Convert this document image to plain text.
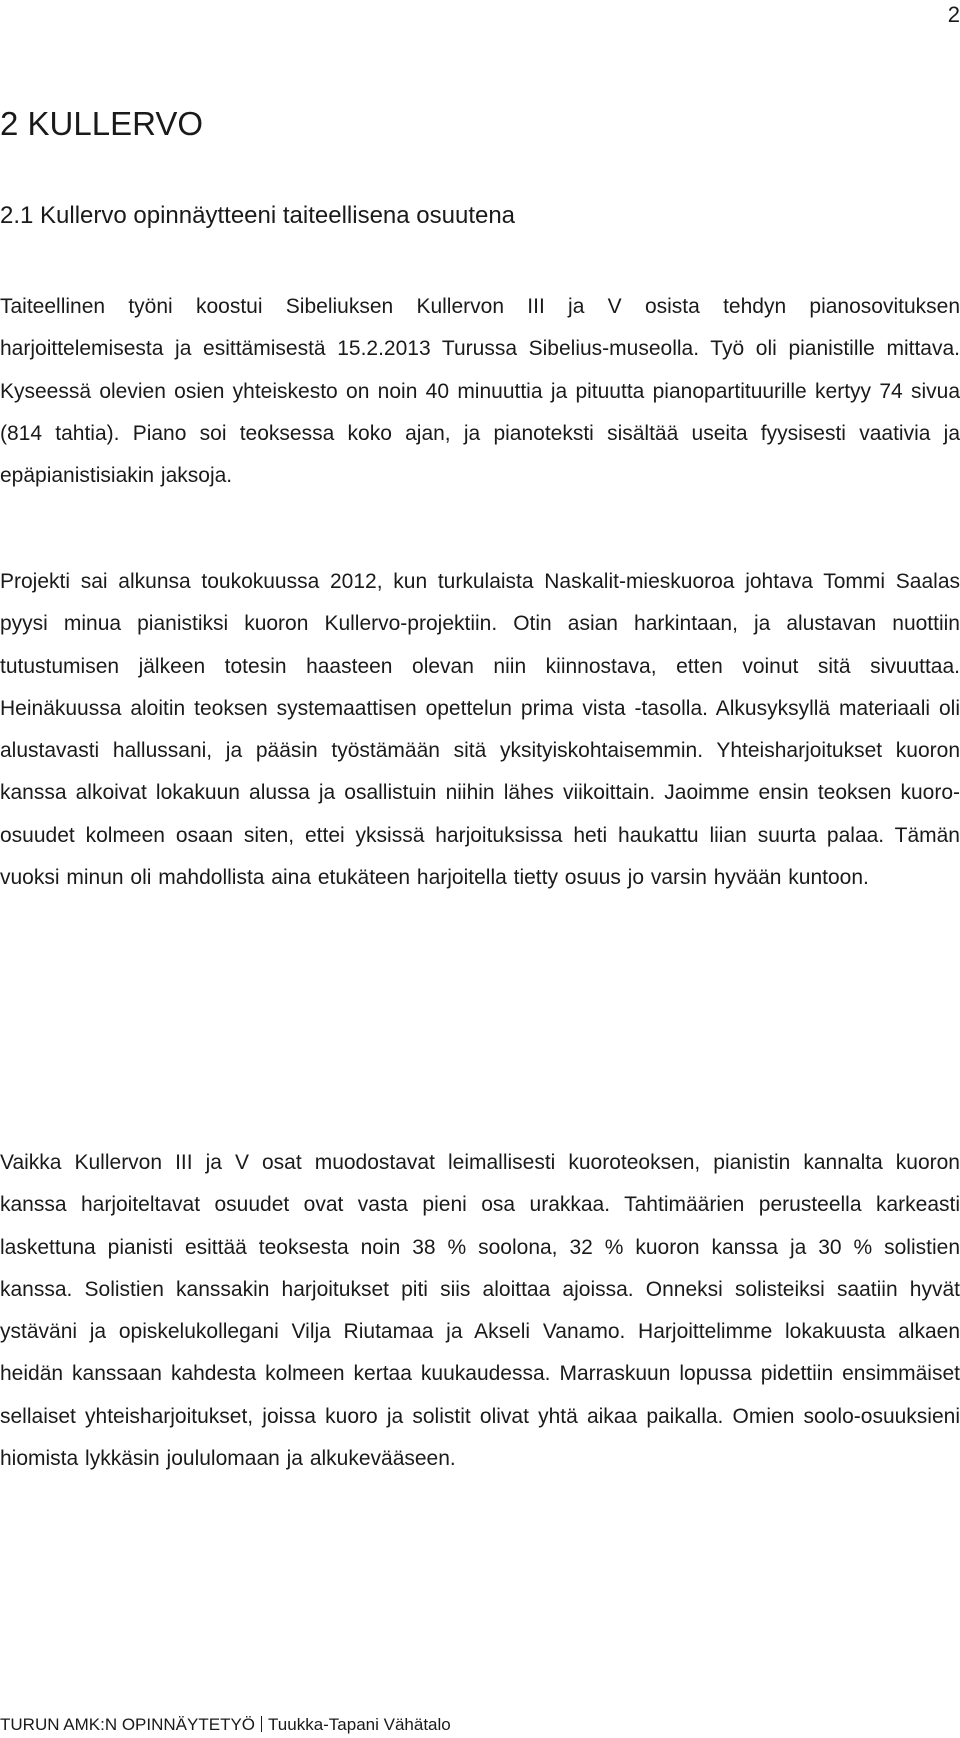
2
2 KULLERVO
2.1 Kullervo opinnäytteeni taiteellisena osuutena

Taiteellinen työni koostui Sibeliuksen Kullervon III ja V osista tehdyn pianosovituksen harjoittelemisesta ja esittämisestä 15.2.2013 Turussa Sibelius-museolla. Työ oli pianistille mittava. Kyseessä olevien osien yhteiskesto on noin 40 minuuttia ja pituutta pianopartituurille kertyy 74 sivua (814 tahtia). Piano soi teoksessa koko ajan, ja pianoteksti sisältää useita fyysisesti vaativia ja epäpianistisiakin jaksoja.

Projekti sai alkunsa toukokuussa 2012, kun turkulaista Naskalit-mieskuoroa johtava Tommi Saalas pyysi minua pianistiksi kuoron Kullervo-projektiin. Otin asian harkintaan, ja alustavan nuottiin tutustumisen jälkeen totesin haasteen olevan niin kiinnostava, etten voinut sitä sivuuttaa. Heinäkuussa aloitin teoksen systemaattisen opettelun prima vista -tasolla. Alkusyksyllä materiaali oli alustavasti hallussani, ja pääsin työstämään sitä yksityiskohtaisemmin. Yhteisharjoitukset kuoron kanssa alkoivat lokakuun alussa ja osallistuin niihin lähes viikoittain. Jaoimme ensin teoksen kuoro-osuudet kolmeen osaan siten, ettei yksissä harjoituksissa heti haukattu liian suurta palaa. Tämän vuoksi minun oli mahdollista aina etukäteen harjoitella tietty osuus jo varsin hyvään kuntoon.

Vaikka Kullervon III ja V osat muodostavat leimallisesti kuoroteoksen, pianistin kannalta kuoron kanssa harjoiteltavat osuudet ovat vasta pieni osa urakkaa. Tahtimäärien perusteella karkeasti laskettuna pianisti esittää teoksesta noin 38 % soolona, 32 % kuoron kanssa ja 30 % solistien kanssa. Solistien kanssakin harjoitukset piti siis aloittaa ajoissa. Onneksi solisteiksi saatiin hyvät ystäväni ja opiskelukollegani Vilja Riutamaa ja Akseli Vanamo. Harjoittelimme lokakuusta alkaen heidän kanssaan kahdesta kolmeen kertaa kuukaudessa. Marraskuun lopussa pidettiin ensimmäiset sellaiset yhteisharjoitukset, joissa kuoro ja solistit olivat yhtä aikaa paikalla. Omien soolo-osuuksieni hiomista lykkäsin joululomaan ja alkukevääseen.

TURUN AMK:N OPINNÄYTETYÖ Tuukka-Tapani Vähätalo
